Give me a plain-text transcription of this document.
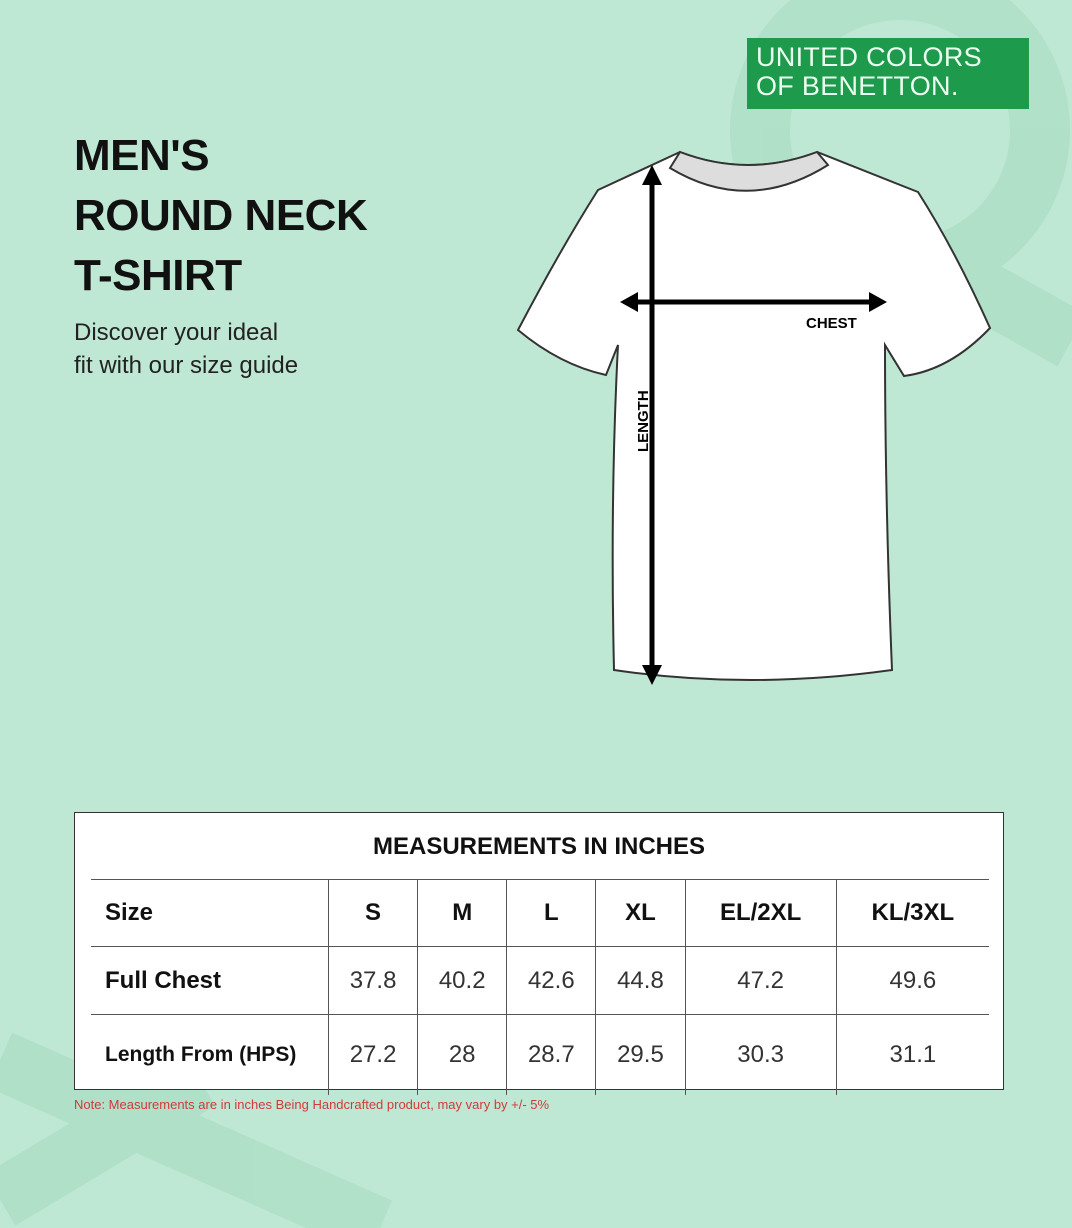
UNITED COLORS
OF BENETTON.
MEN'S
ROUND NECK
T-SHIRT
Discover your ideal
fit with our size guide
CHEST
LENGTH
MEASUREMENTS IN INCHES
Size	S	M	L	XL	EL/2XL	KL/3XL
Full Chest	37.8	40.2	42.6	44.8	47.2	49.6
Length From (HPS)	27.2	28	28.7	29.5	30.3	31.1
Note: Measurements are in inches Being Handcrafted product, may vary by +/- 5%
